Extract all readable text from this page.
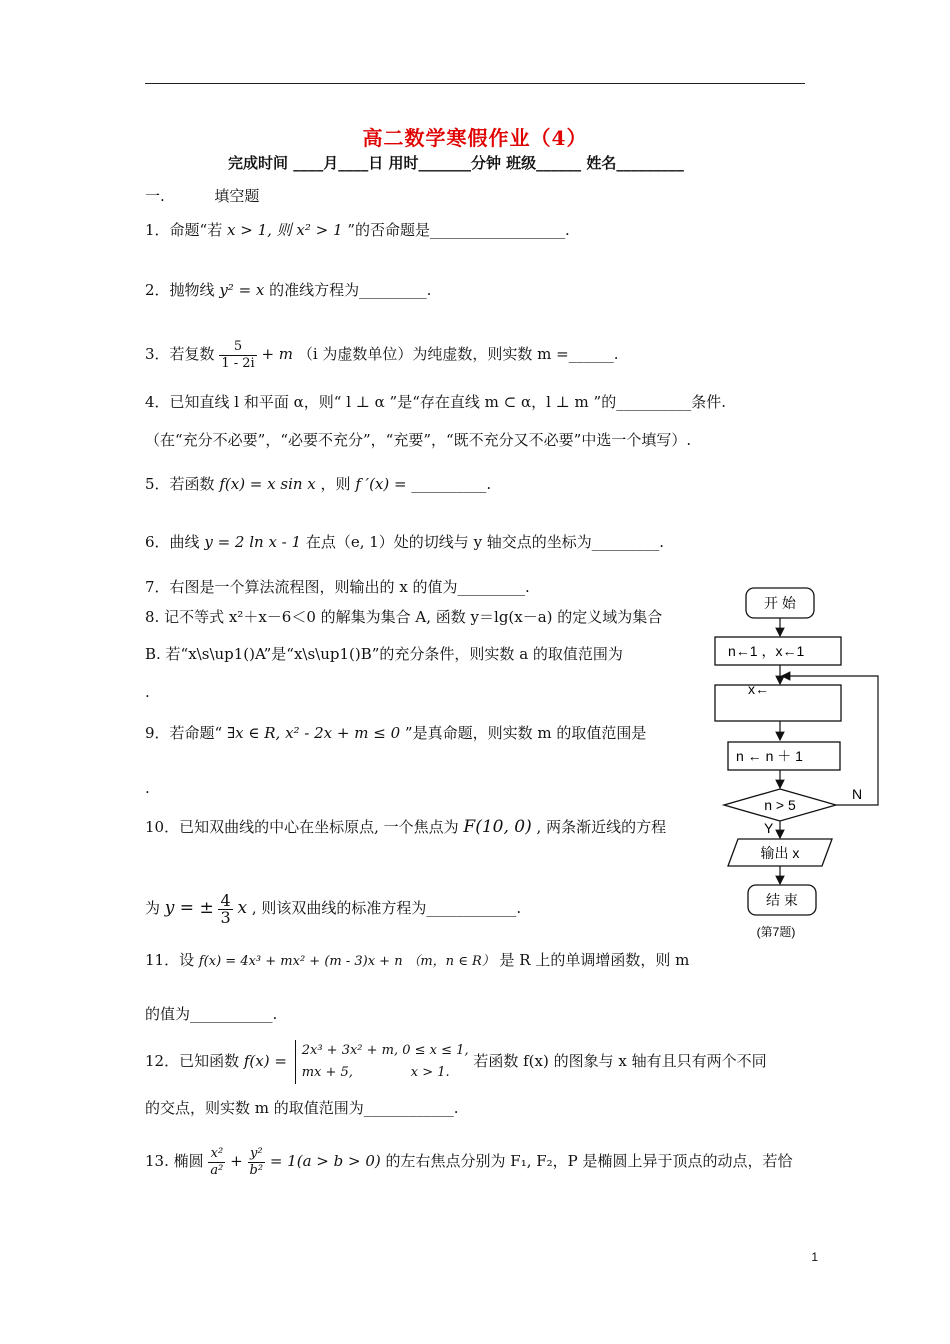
高二数学寒假作业（4）
完成时间 ____月____日 用时_______分钟 班级______ 姓名_________
一.	填空题
1．命题“若 x > 1, 则 x² > 1 ”的否命题是__________________.
2．抛物线 y² = x 的准线方程为_________.
3．若复数 $\frac{5}{1 - 2i} + m$ （i 为虚数单位）为纯虚数，则实数 m =______.
4．已知直线 l 和平面 α，则“ l ⊥ α ”是“存在直线 m ⊂ α，l ⊥ m ”的__________条件.
（在“充分不必要”，“必要不充分”，“充要”，“既不充分又不必要”中选一个填写）.
5．若函数 f(x) = x sin x ，则 f ′(x) = __________.
6．曲线 y = 2 ln x - 1 在点（e, 1）处的切线与 y 轴交点的坐标为_________.
7．右图是一个算法流程图，则输出的 x 的值为_________.
8. 记不等式 x²＋x－6＜0 的解集为集合 A, 函数 y＝lg(x－a) 的定义域为集合
B. 若“x\s\up1()A”是“x\s\up1()B”的充分条件，则实数 a 的取值范围为
.
9．若命题“ ∃x ∈ R, x² - 2x + m ≤ 0 ”是真命题，则实数 m 的取值范围是
.
10．已知双曲线的中心在坐标原点, 一个焦点为 F(10, 0) , 两条渐近线的方程
为 y = ± $\frac{4}{3}$ x , 则该双曲线的标准方程为____________.
11．设 f(x) = 4x³ + mx² + (m - 3)x + n （m，n ∈ R） 是 R 上的单调增函数，则 m
的值为___________.
12．已知函数 f(x) =
2x³ + 3x² + m, 0 ≤ x ≤ 1,
mx + 5,              x > 1.
若函数 f(x) 的图象与 x 轴有且只有两个不同
的交点，则实数 m 的取值范围为____________.
13. 椭圆 $\frac{\text{x²}}{\text{a²}} + \frac{\text{y²}}{\text{b²}} = 1(a > b > 0)$ 的左右焦点分别为 F₁, F₂，P 是椭圆上异于顶点的动点，若恰
开 始
n←1 ，x←1
x←
n ← n ＋ 1
n > 5
N
Y
输出 x
结 束
(第7题)
1
